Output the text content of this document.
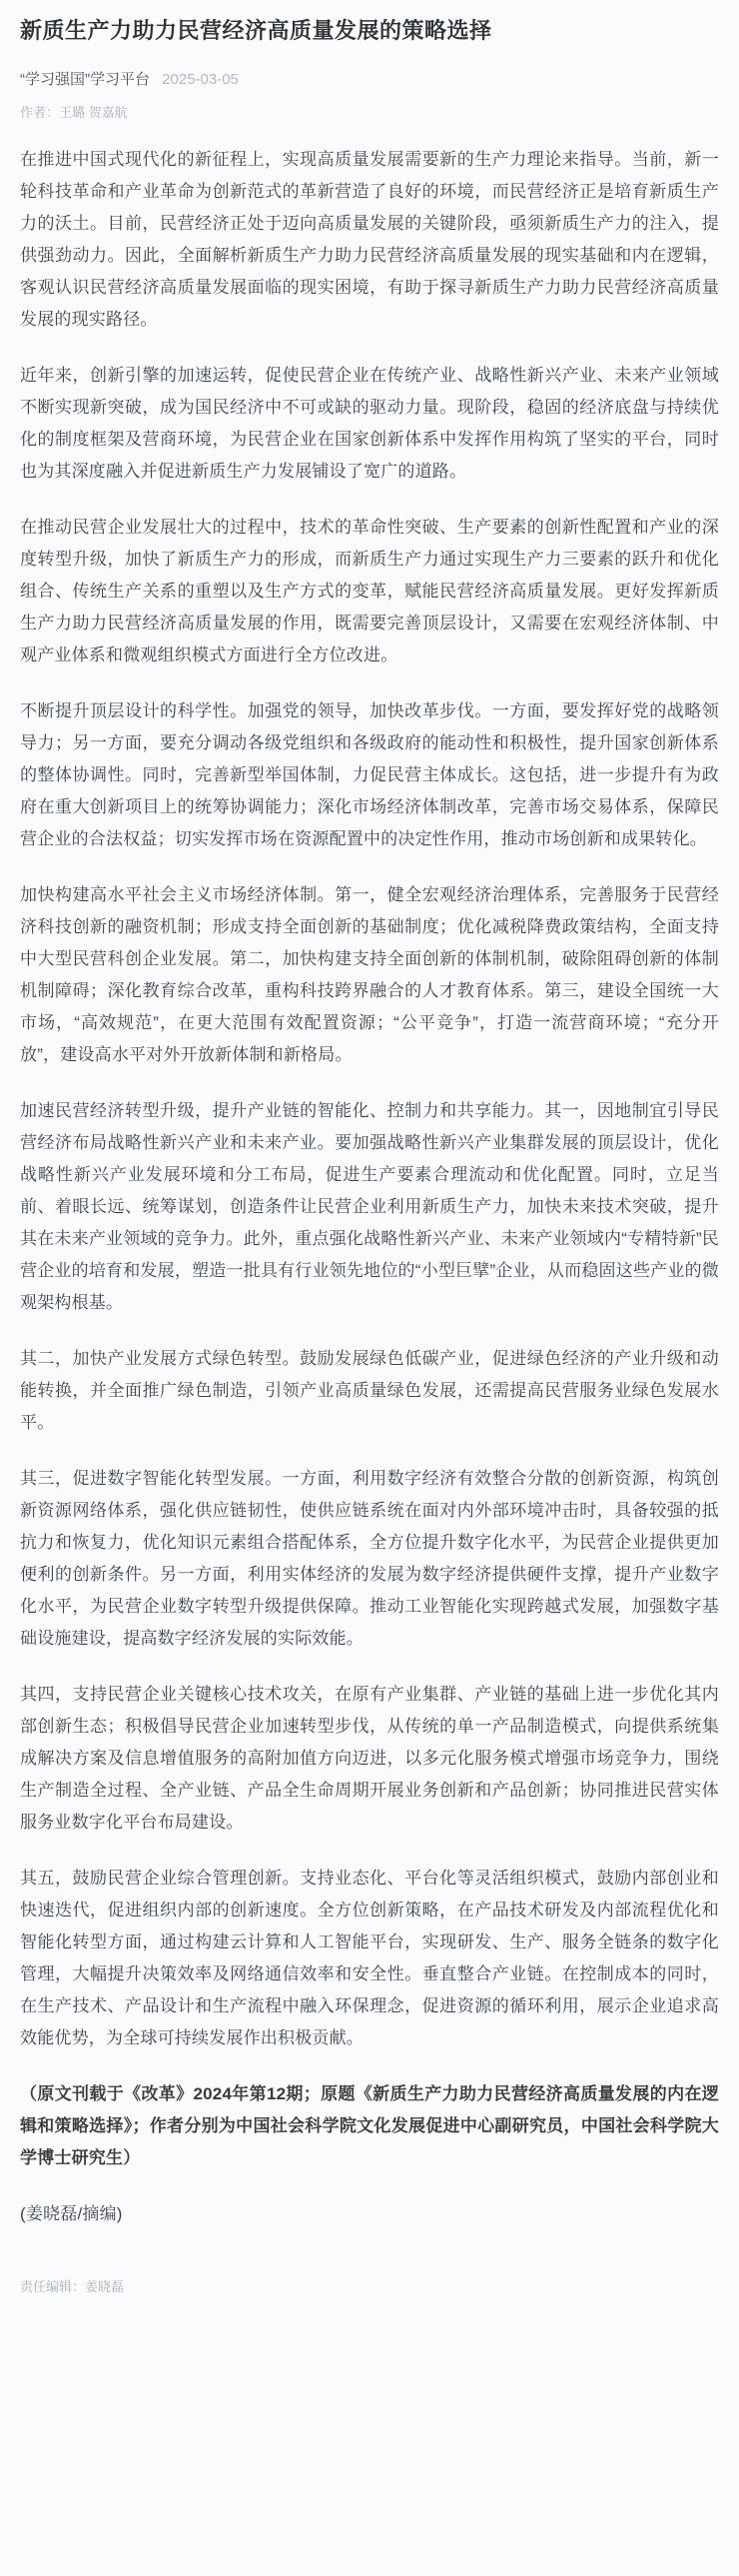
新质生产力助力民营经济高质量发展的策略选择
“学习强国”学习平台 2025-03-05
作者：王璐 贺嘉航

在推进中国式现代化的新征程上，实现高质量发展需要新的生产力理论来指导。当前，新一轮科技革命和产业革命为创新范式的革新营造了良好的环境，而民营经济正是培育新质生产力的沃土。目前，民营经济正处于迈向高质量发展的关键阶段，亟须新质生产力的注入，提供强劲动力。因此，全面解析新质生产力助力民营经济高质量发展的现实基础和内在逻辑，客观认识民营经济高质量发展面临的现实困境，有助于探寻新质生产力助力民营经济高质量发展的现实路径。

近年来，创新引擎的加速运转，促使民营企业在传统产业、战略性新兴产业、未来产业领域不断实现新突破，成为国民经济中不可或缺的驱动力量。现阶段，稳固的经济底盘与持续优化的制度框架及营商环境，为民营企业在国家创新体系中发挥作用构筑了坚实的平台，同时也为其深度融入并促进新质生产力发展铺设了宽广的道路。

在推动民营企业发展壮大的过程中，技术的革命性突破、生产要素的创新性配置和产业的深度转型升级，加快了新质生产力的形成，而新质生产力通过实现生产力三要素的跃升和优化组合、传统生产关系的重塑以及生产方式的变革，赋能民营经济高质量发展。更好发挥新质生产力助力民营经济高质量发展的作用，既需要完善顶层设计，又需要在宏观经济体制、中观产业体系和微观组织模式方面进行全方位改进。

不断提升顶层设计的科学性。加强党的领导，加快改革步伐。一方面，要发挥好党的战略领导力；另一方面，要充分调动各级党组织和各级政府的能动性和积极性，提升国家创新体系的整体协调性。同时，完善新型举国体制，力促民营主体成长。这包括，进一步提升有为政府在重大创新项目上的统筹协调能力；深化市场经济体制改革，完善市场交易体系，保障民营企业的合法权益；切实发挥市场在资源配置中的决定性作用，推动市场创新和成果转化。

加快构建高水平社会主义市场经济体制。第一，健全宏观经济治理体系，完善服务于民营经济科技创新的融资机制；形成支持全面创新的基础制度；优化减税降费政策结构，全面支持中大型民营科创企业发展。第二，加快构建支持全面创新的体制机制，破除阻碍创新的体制机制障碍；深化教育综合改革，重构科技跨界融合的人才教育体系。第三，建设全国统一大市场，“高效规范”，在更大范围有效配置资源；“公平竞争”，打造一流营商环境；“充分开放”，建设高水平对外开放新体制和新格局。

加速民营经济转型升级，提升产业链的智能化、控制力和共享能力。其一，因地制宜引导民营经济布局战略性新兴产业和未来产业。要加强战略性新兴产业集群发展的顶层设计，优化战略性新兴产业发展环境和分工布局，促进生产要素合理流动和优化配置。同时，立足当前、着眼长远、统筹谋划，创造条件让民营企业利用新质生产力，加快未来技术突破，提升其在未来产业领域的竞争力。此外，重点强化战略性新兴产业、未来产业领域内“专精特新”民营企业的培育和发展，塑造一批具有行业领先地位的“小型巨擘”企业，从而稳固这些产业的微观架构根基。

其二，加快产业发展方式绿色转型。鼓励发展绿色低碳产业，促进绿色经济的产业升级和动能转换，并全面推广绿色制造，引领产业高质量绿色发展，还需提高民营服务业绿色发展水平。

其三，促进数字智能化转型发展。一方面，利用数字经济有效整合分散的创新资源，构筑创新资源网络体系，强化供应链韧性，使供应链系统在面对内外部环境冲击时，具备较强的抵抗力和恢复力，优化知识元素组合搭配体系，全方位提升数字化水平，为民营企业提供更加便利的创新条件。另一方面，利用实体经济的发展为数字经济提供硬件支撑，提升产业数字化水平，为民营企业数字转型升级提供保障。推动工业智能化实现跨越式发展，加强数字基础设施建设，提高数字经济发展的实际效能。

其四，支持民营企业关键核心技术攻关，在原有产业集群、产业链的基础上进一步优化其内部创新生态；积极倡导民营企业加速转型步伐，从传统的单一产品制造模式，向提供系统集成解决方案及信息增值服务的高附加值方向迈进，以多元化服务模式增强市场竞争力，围绕生产制造全过程、全产业链、产品全生命周期开展业务创新和产品创新；协同推进民营实体服务业数字化平台布局建设。

其五，鼓励民营企业综合管理创新。支持业态化、平台化等灵活组织模式，鼓励内部创业和快速迭代，促进组织内部的创新速度。全方位创新策略，在产品技术研发及内部流程优化和智能化转型方面，通过构建云计算和人工智能平台，实现研发、生产、服务全链条的数字化管理，大幅提升决策效率及网络通信效率和安全性。垂直整合产业链。在控制成本的同时，在生产技术、产品设计和生产流程中融入环保理念，促进资源的循环利用，展示企业追求高效能优势，为全球可持续发展作出积极贡献。

（原文刊载于《改革》2024年第12期；原题《新质生产力助力民营经济高质量发展的内在逻辑和策略选择》；作者分别为中国社会科学院文化发展促进中心副研究员，中国社会科学院大学博士研究生）

(姜晓磊/摘编)

责任编辑：姜晓磊
